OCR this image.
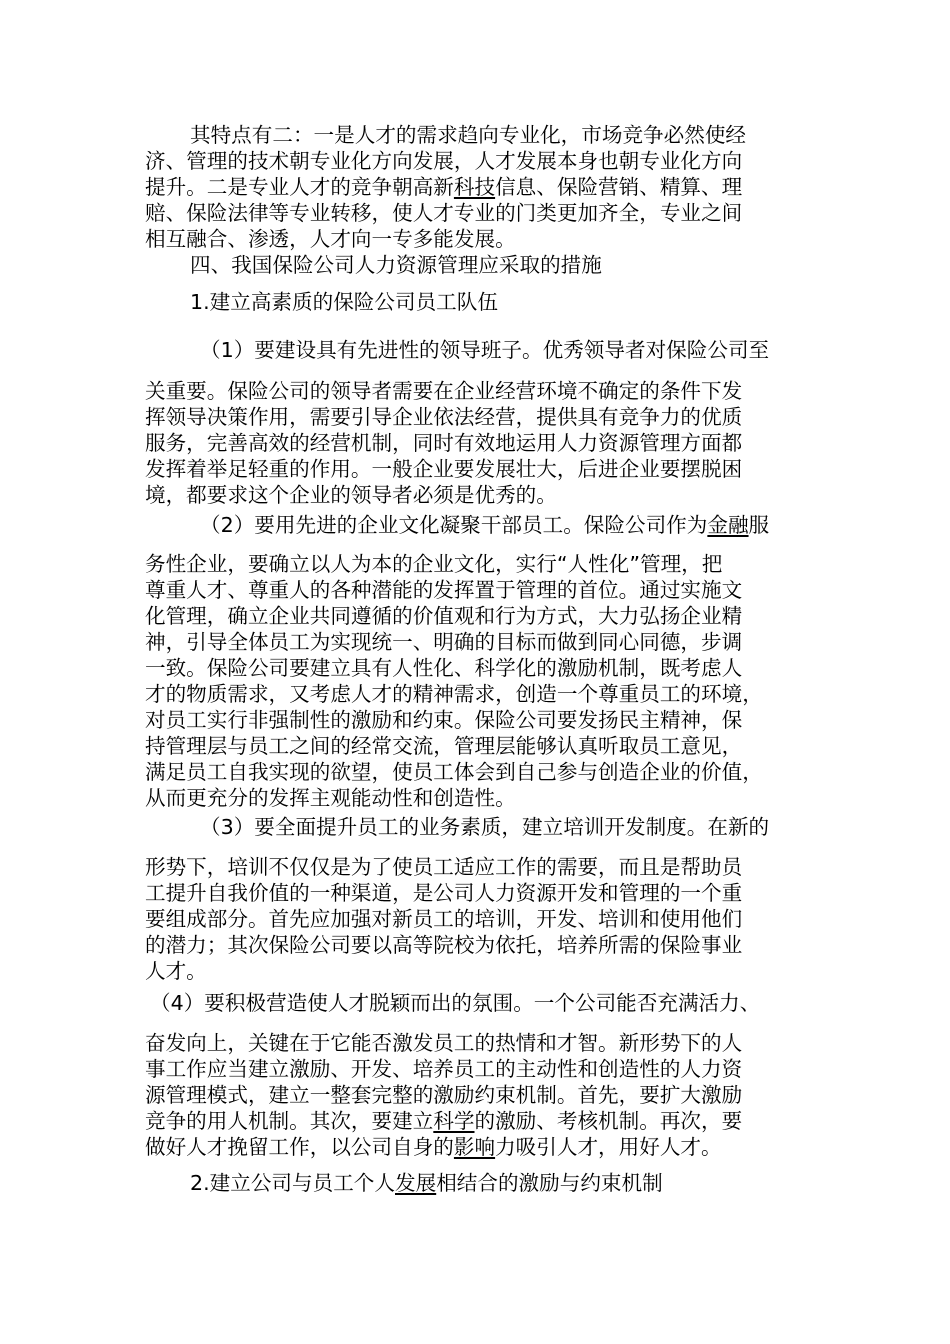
其特点有二：一是人才的需求趋向专业化，市场竞争必然使经

济、管理的技术朝专业化方向发展，人才发展本身也朝专业化方向

提升。二是专业人才的竞争朝高新科技信息、保险营销、精算、理

赔、保险法律等专业转移，使人才专业的门类更加齐全，专业之间

相互融合、渗透，人才向一专多能发展。

四、我国保险公司人力资源管理应采取的措施

1.建立高素质的保险公司员工队伍

（1）要建设具有先进性的领导班子。优秀领导者对保险公司至

关重要。保险公司的领导者需要在企业经营环境不确定的条件下发

挥领导决策作用，需要引导企业依法经营，提供具有竞争力的优质

服务，完善高效的经营机制，同时有效地运用人力资源管理方面都

发挥着举足轻重的作用。一般企业要发展壮大，后进企业要摆脱困

境，都要求这个企业的领导者必须是优秀的。

（2）要用先进的企业文化凝聚干部员工。保险公司作为金融服

务性企业，要确立以人为本的企业文化，实行“人性化”管理，把

尊重人才、尊重人的各种潜能的发挥置于管理的首位。通过实施文

化管理，确立企业共同遵循的价值观和行为方式，大力弘扬企业精

神，引导全体员工为实现统一、明确的目标而做到同心同德，步调

一致。保险公司要建立具有人性化、科学化的激励机制，既考虑人

才的物质需求，又考虑人才的精神需求，创造一个尊重员工的环境，

对员工实行非强制性的激励和约束。保险公司要发扬民主精神，保

持管理层与员工之间的经常交流，管理层能够认真听取员工意见，

满足员工自我实现的欲望，使员工体会到自己参与创造企业的价值，

从而更充分的发挥主观能动性和创造性。

（3）要全面提升员工的业务素质，建立培训开发制度。在新的

形势下，培训不仅仅是为了使员工适应工作的需要，而且是帮助员

工提升自我价值的一种渠道，是公司人力资源开发和管理的一个重

要组成部分。首先应加强对新员工的培训，开发、培训和使用他们

的潜力；其次保险公司要以高等院校为依托，培养所需的保险事业

人才。

（4）要积极营造使人才脱颖而出的氛围。一个公司能否充满活力、

奋发向上，关键在于它能否激发员工的热情和才智。新形势下的人

事工作应当建立激励、开发、培养员工的主动性和创造性的人力资

源管理模式，建立一整套完整的激励约束机制。首先，要扩大激励

竞争的用人机制。其次，要建立科学的激励、考核机制。再次，要

做好人才挽留工作，以公司自身的影响力吸引人才，用好人才。

2.建立公司与员工个人发展相结合的激励与约束机制
